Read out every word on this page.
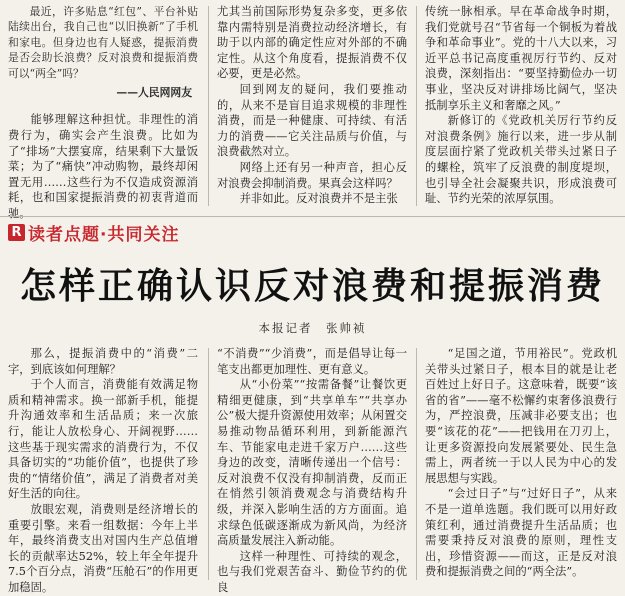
最近，许多贴息“红包”、平台补贴陆续出台，我自己也“以旧换新”了手机和家电。但身边也有人疑惑，提振消费是否会助长浪费？反对浪费和提振消费可以“两全”吗？

——人民网网友

能够理解这种担忧。非理性的消费行为，确实会产生浪费。比如为了“排场”大摆宴席，结果剩下大量饭菜；为了“痛快”冲动购物，最终却闲置无用……这些行为不仅造成资源消耗，也和国家提振消费的初衷背道而驰。

尤其当前国际形势复杂多变，更多依靠内需特别是消费拉动经济增长，有助于以内部的确定性应对外部的不确定性。从这个角度看，提振消费不仅必要，更是必然。

回到网友的疑问，我们要推动的，从来不是盲目追求规模的非理性消费，而是一种健康、可持续、有活力的消费——它关注品质与价值，与浪费截然对立。

网络上还有另一种声音，担心反对浪费会抑制消费。果真会这样吗？

并非如此。反对浪费并不是主张

传统一脉相承。早在革命战争时期，我们党就号召“节省每一个铜板为着战争和革命事业”。党的十八大以来，习近平总书记高度重视厉行节约、反对浪费，深刻指出：“要坚持勤俭办一切事业，坚决反对讲排场比阔气，坚决抵制享乐主义和奢靡之风。”

新修订的《党政机关厉行节约反对浪费条例》施行以来，进一步从制度层面拧紧了党政机关带头过紧日子的螺栓，筑牢了反浪费的制度堤坝，也引导全社会凝聚共识，形成浪费可耻、节约光荣的浓厚氛围。

R 读者点题·共同关注
怎样正确认识反对浪费和提振消费
本报记者　张帅祯

那么，提振消费中的“消费”二字，到底该如何理解？

于个人而言，消费能有效满足物质和精神需求。换一部新手机，能提升沟通效率和生活品质；来一次旅行，能让人放松身心、开阔视野……这些基于现实需求的消费行为，不仅具备切实的“功能价值”，也提供了珍贵的“情绪价值”，满足了消费者对美好生活的向往。

放眼宏观，消费则是经济增长的重要引擎。来看一组数据：今年上半年，最终消费支出对国内生产总值增长的贡献率达52%，较上年全年提升7.5个百分点，消费“压舱石”的作用更加稳固。

“不消费”“少消费”，而是倡导让每一笔支出都更加理性、更有意义。

从“小份菜”“按需备餐”让餐饮更精细更健康，到“共享单车”“共享办公”极大提升资源使用效率；从闲置交易推动物品循环利用，到新能源汽车、节能家电走进千家万户……这些身边的改变，清晰传递出一个信号：反对浪费不仅没有抑制消费，反而正在悄然引领消费观念与消费结构升级，并深入影响生活的方方面面。追求绿色低碳逐渐成为新风尚，为经济高质量发展注入新动能。

这样一种理性、可持续的观念，也与我们党艰苦奋斗、勤俭节约的优良

“足国之道，节用裕民”。党政机关带头过紧日子，根本目的就是让老百姓过上好日子。这意味着，既要“该省的省”——毫不松懈约束奢侈浪费行为，严控浪费，压减非必要支出；也要“该花的花”——把钱用在刀刃上，让更多资源投向发展紧要处、民生急需上，两者统一于以人民为中心的发展思想与实践。

“会过日子”与“过好日子”，从来不是一道单选题。我们既可以用好政策红利，通过消费提升生活品质；也需要秉持反对浪费的原则，理性支出，珍惜资源——而这，正是反对浪费和提振消费之间的“两全法”。
